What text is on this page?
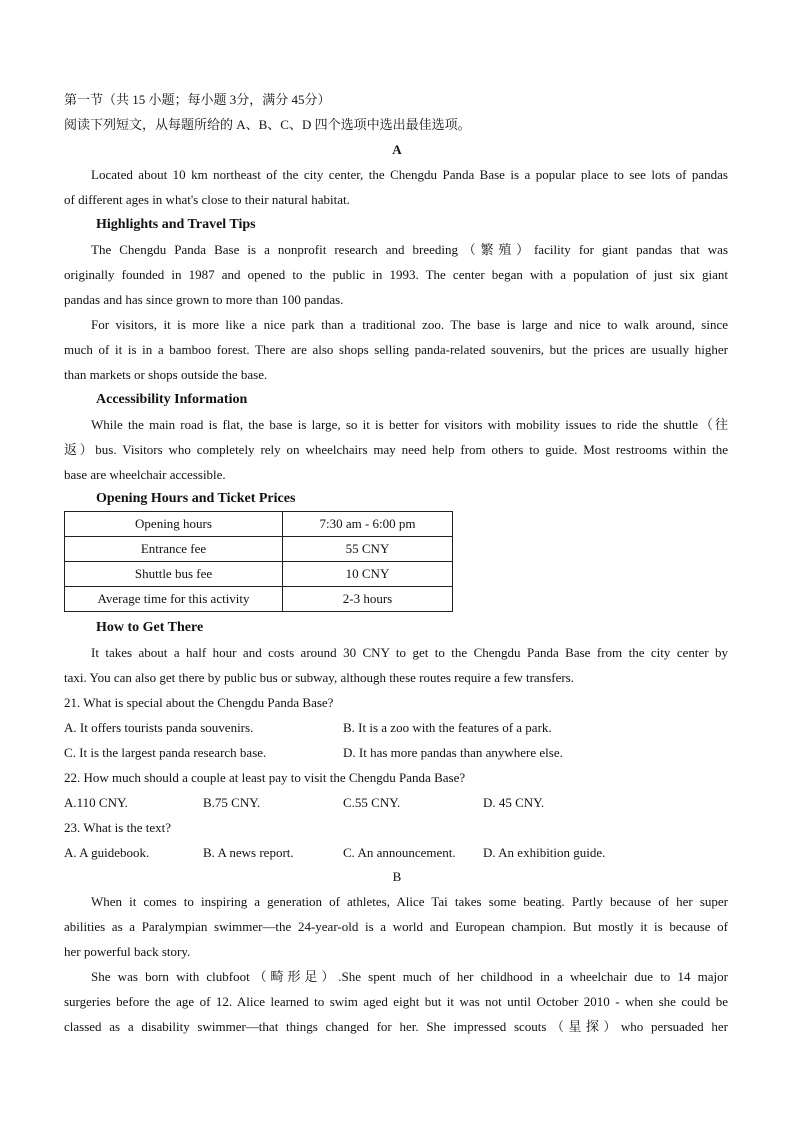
第一节（共 15 小题；每小题 3分，满分 45分）
阅读下列短文，从每题所给的 A、B、C、D 四个选项中选出最佳选项。
A
Located about 10 km northeast of the city center, the Chengdu Panda Base is a popular place to see lots of pandas
of different ages in what's close to their natural habitat.
Highlights and Travel Tips
The Chengdu Panda Base is a nonprofit research and breeding（繁殖）facility for giant pandas that was
originally founded in 1987 and opened to the public in 1993. The center began with a population of just six giant
pandas and has since grown to more than 100 pandas.
For visitors, it is more like a nice park than a traditional zoo. The base is large and nice to walk around, since
much of it is in a bamboo forest. There are also shops selling panda-related souvenirs, but the prices are usually higher
than markets or shops outside the base.
Accessibility Information
While the main road is flat, the base is large, so it is better for visitors with mobility issues to ride the shuttle（往
返）bus. Visitors who completely rely on wheelchairs may need help from others to guide. Most restrooms within the
base are wheelchair accessible.
Opening Hours and Ticket Prices
Opening hours	7:30 am - 6:00 pm
Entrance fee	55 CNY
Shuttle bus fee	10 CNY
Average time for this activity	2-3 hours
How to Get There
It takes about a half hour and costs around 30 CNY to get to the Chengdu Panda Base from the city center by
taxi. You can also get there by public bus or subway, although these routes require a few transfers.
21. What is special about the Chengdu Panda Base?
A. It offers tourists panda souvenirs.	B. It is a zoo with the features of a park.
C. It is the largest panda research base.	D. It has more pandas than anywhere else.
22. How much should a couple at least pay to visit the Chengdu Panda Base?
A.110 CNY.	B.75 CNY.	C.55 CNY.	D. 45 CNY.
23. What is the text?
A. A guidebook.	B. A news report.	C. An announcement. D. An exhibition guide.
B
When it comes to inspiring a generation of athletes, Alice Tai takes some beating. Partly because of her super
abilities as a Paralympian swimmer—the 24-year-old is a world and European champion. But mostly it is because of
her powerful back story.
She was born with clubfoot（畸形足）.She spent much of her childhood in a wheelchair due to 14 major
surgeries before the age of 12. Alice learned to swim aged eight but it was not until October 2010 - when she could be
classed as a disability swimmer—that things changed for her. She impressed scouts（星探）who persuaded her
